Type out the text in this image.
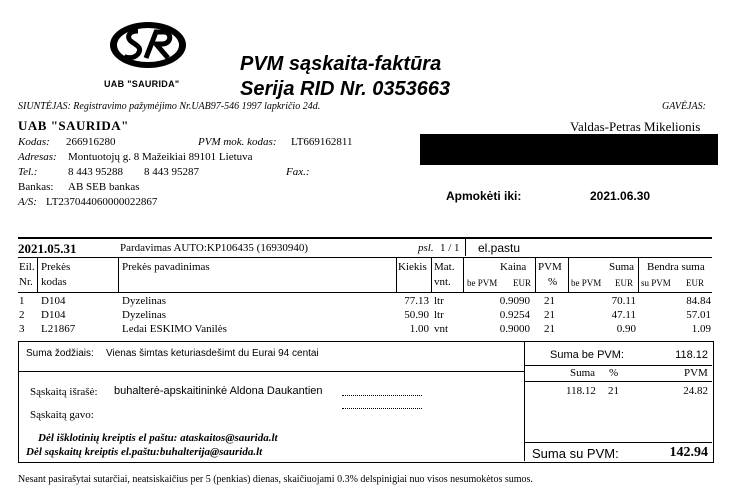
UAB "SAURIDA"
PVM sąskaita-faktūra
Serija RID Nr. 0353663
SIUNTĖJAS: Registravimo pažymėjimo Nr.UAB97-546 1997 lapkričio 24d.	GAVĖJAS:
UAB "SAURIDA"	Valdas-Petras Mikelionis
Kodas: 266916280	PVM mok. kodas: LT669162811
Adresas: Montuotojų g. 8 Mažeikiai 89101 Lietuva
Tel.:	8 443 95288 8 443 95287	Fax.:
Bankas: AB SEB bankas
Apmokėti iki:	2021.06.30
A/S: LT237044060000022867
2021.05.31	Pardavimas AUTO:KP106435 (16930940)	psl. 1 / 1 el.pastu
Eil.
Nr.
Prekės
kodas
Prekės pavadinimas	Kiekis Mat.
vnt.
Kaina
be PVM EUR
PVM
%
Suma
be PVM EUR
Bendra suma
su PVM EUR
1 D104	Dyzelinas	77.13 ltr	0.9090 21	70.11	84.84
2 D104	Dyzelinas	50.90 ltr	0.9254 21	47.11	57.01
3 L21867	Ledai ESKIMO Vanilės	1.00 vnt	0.9000 21	0.90	1.09
Suma žodžiais: Vienas šimtas keturiasdešimt du Eurai 94 centai	Suma be PVM:	118.12
Suma %	PVM
118.12 21	24.82
Sąskaitą išrašė: buhalterė-apskaitininkė Aldona Daukantien
Sąskaitą gavo:
Dėl išklotinių kreiptis el paštu: ataskaitos@saurida.lt
Dėl sąskaitų kreiptis el.paštu:buhalterija@saurida.lt	Suma su PVM:	142.94
Nesant pasirašytai sutarčiai, neatsiskaičius per 5 (penkias) dienas, skaičiuojami 0.3% delspinigiai nuo visos nesumokėtos sumos.
